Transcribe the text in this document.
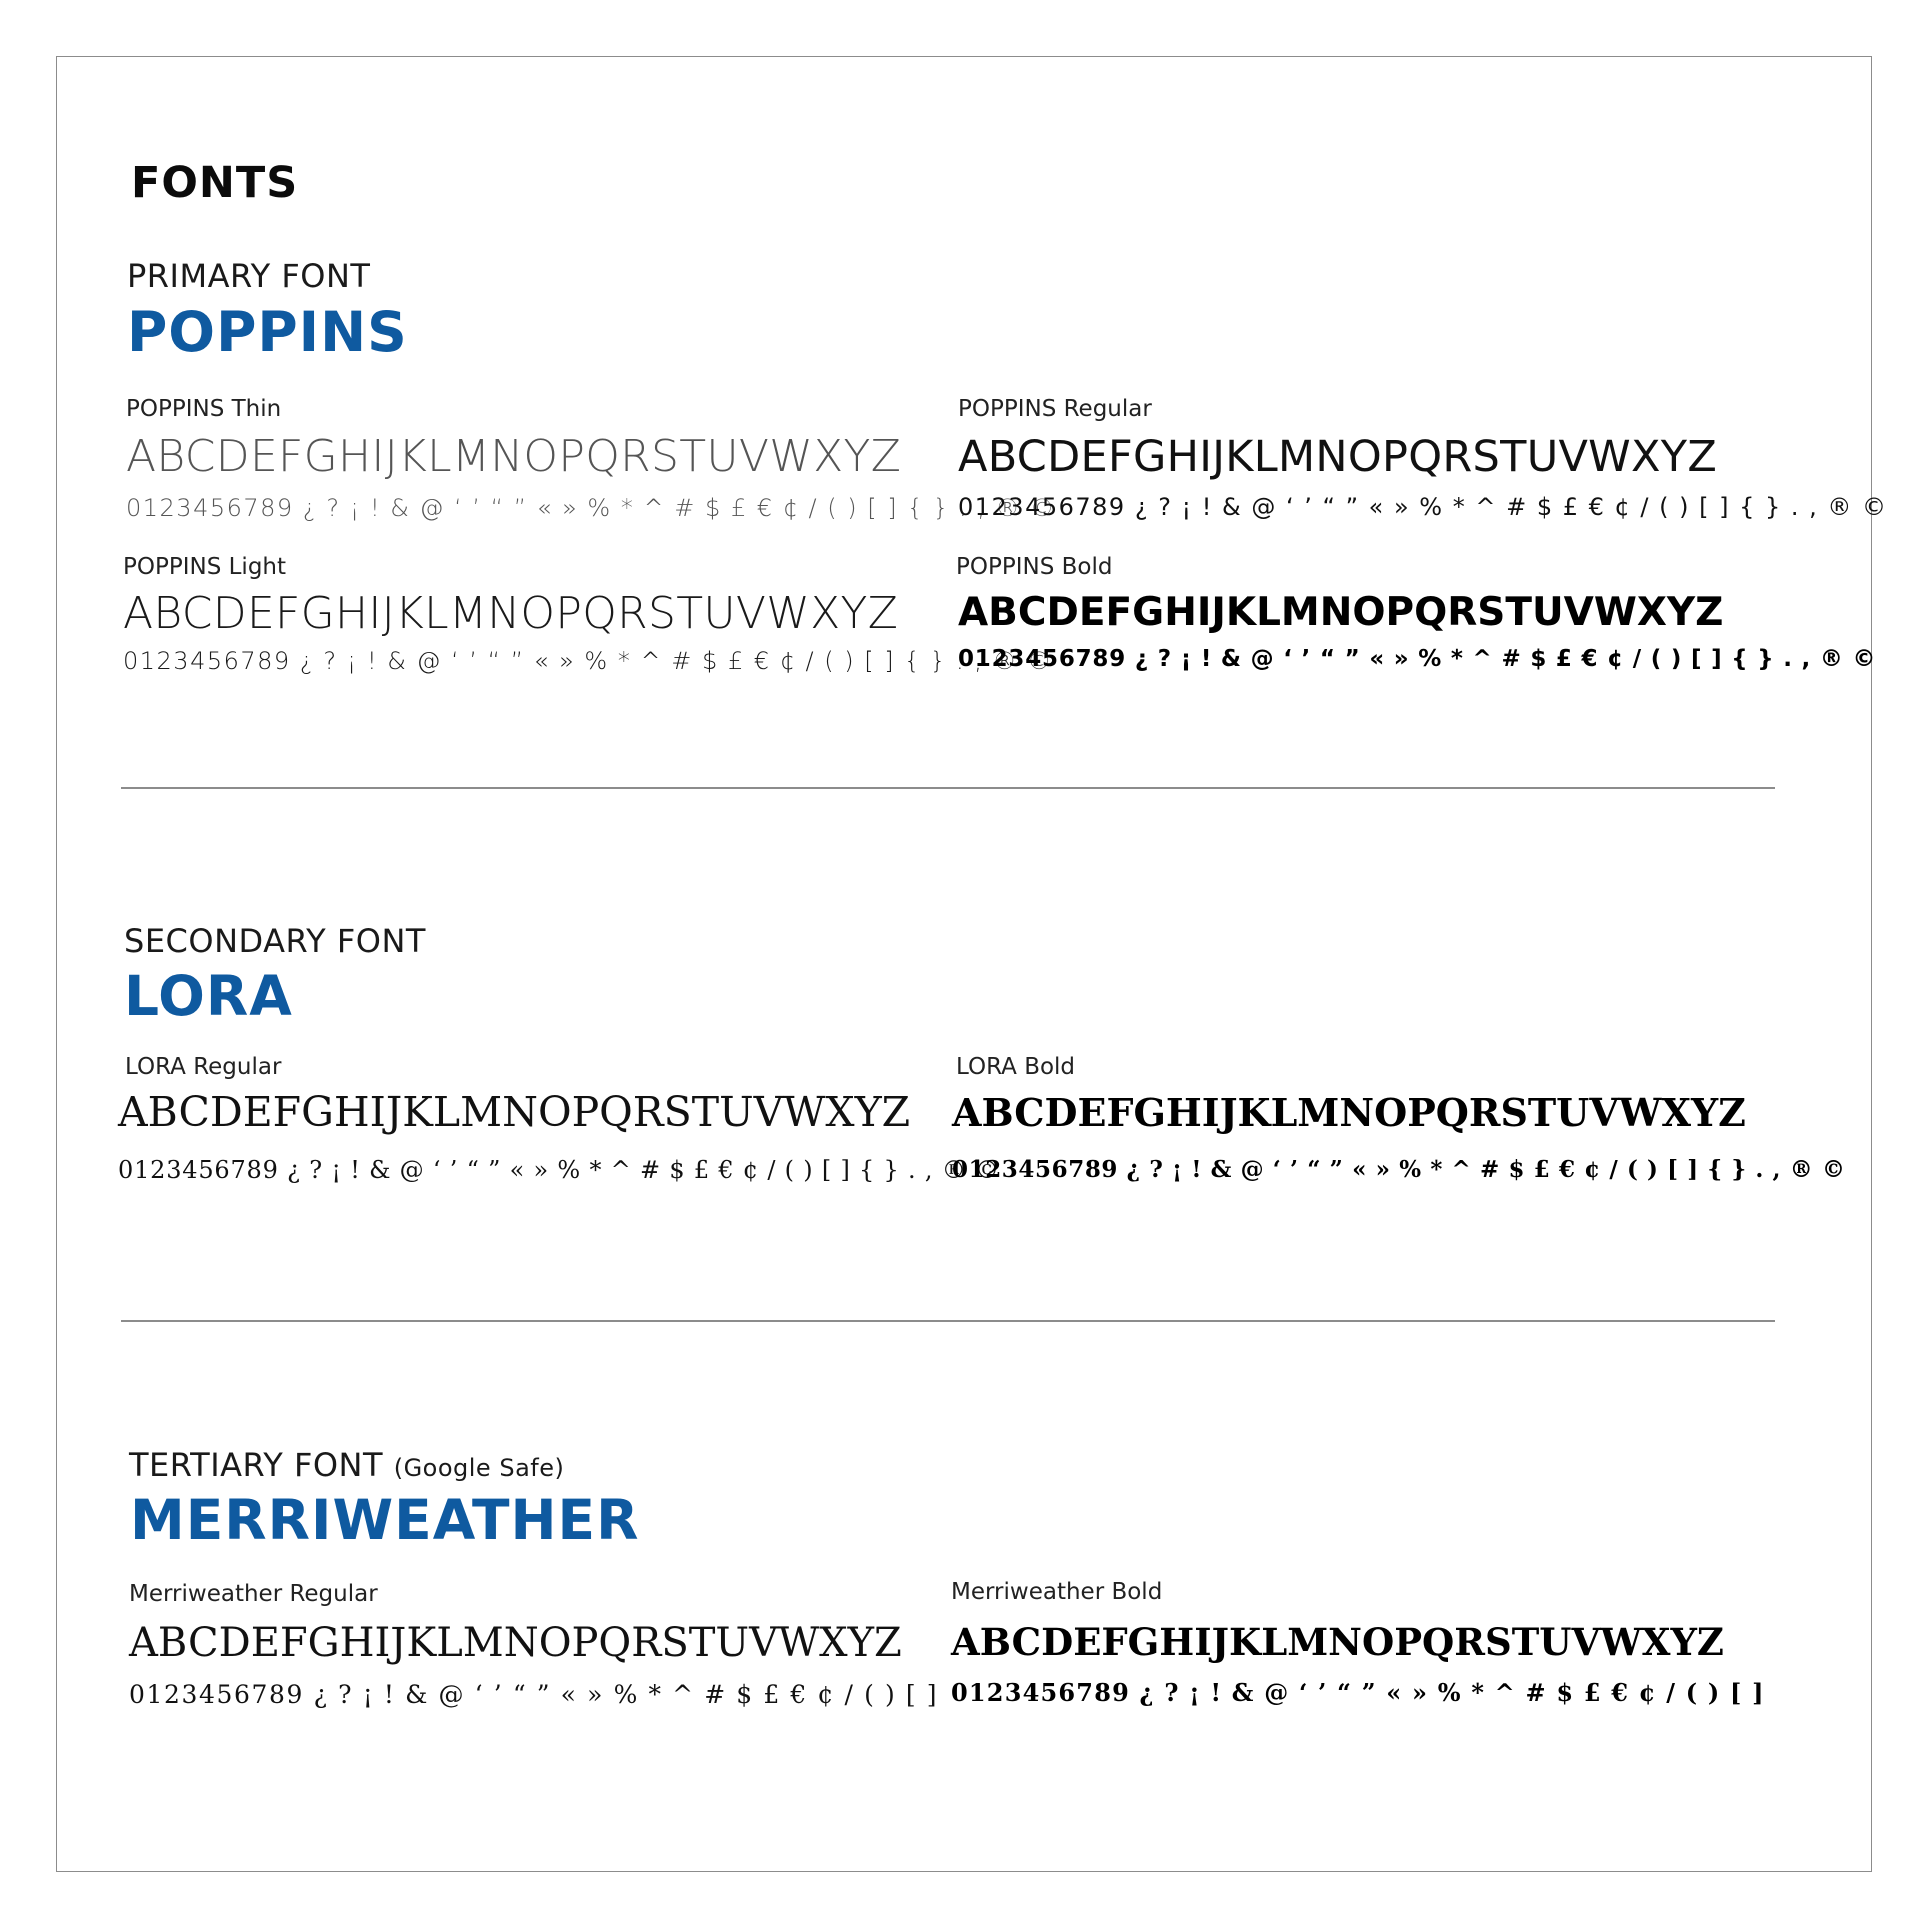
FONTS
PRIMARY FONT
POPPINS
POPPINS Thin
ABCDEFGHIJKLMNOPQRSTUVWXYZ
0123456789 ¿ ? ¡ ! & @ ‘ ’ “ ” « » % * ^ # $ £ € ¢ / ( ) [ ] { } . , ® ©
POPPINS Regular
ABCDEFGHIJKLMNOPQRSTUVWXYZ
0123456789 ¿ ? ¡ ! & @ ‘ ’ “ ” « » % * ^ # $ £ € ¢ / ( ) [ ] { } . , ® ©
POPPINS Light
ABCDEFGHIJKLMNOPQRSTUVWXYZ
0123456789 ¿ ? ¡ ! & @ ‘ ’ “ ” « » % * ^ # $ £ € ¢ / ( ) [ ] { } . , ® ©
POPPINS Bold
ABCDEFGHIJKLMNOPQRSTUVWXYZ
0123456789 ¿ ? ¡ ! & @ ‘ ’ “ ” « » % * ^ # $ £ € ¢ / ( ) [ ] { } . , ® ©
SECONDARY FONT
LORA
LORA Regular
ABCDEFGHIJKLMNOPQRSTUVWXYZ
0123456789 ¿ ? ¡ ! & @ ‘ ’ “ ” « » % * ^ # $ £ € ¢ / ( ) [ ] { } . , ® ©
LORA Bold
ABCDEFGHIJKLMNOPQRSTUVWXYZ
0123456789 ¿ ? ¡ ! & @ ‘ ’ “ ” « » % * ^ # $ £ € ¢ / ( ) [ ] { } . , ® ©
TERTIARY FONT (Google Safe)
MERRIWEATHER
Merriweather Regular
ABCDEFGHIJKLMNOPQRSTUVWXYZ
0123456789 ¿ ? ¡ ! & @ ‘ ’ “ ” « » % * ^ # $ £ € ¢ / ( ) [ ]
Merriweather Bold
ABCDEFGHIJKLMNOPQRSTUVWXYZ
0123456789 ¿ ? ¡ ! & @ ‘ ’ “ ” « » % * ^ # $ £ € ¢ / ( ) [ ]
